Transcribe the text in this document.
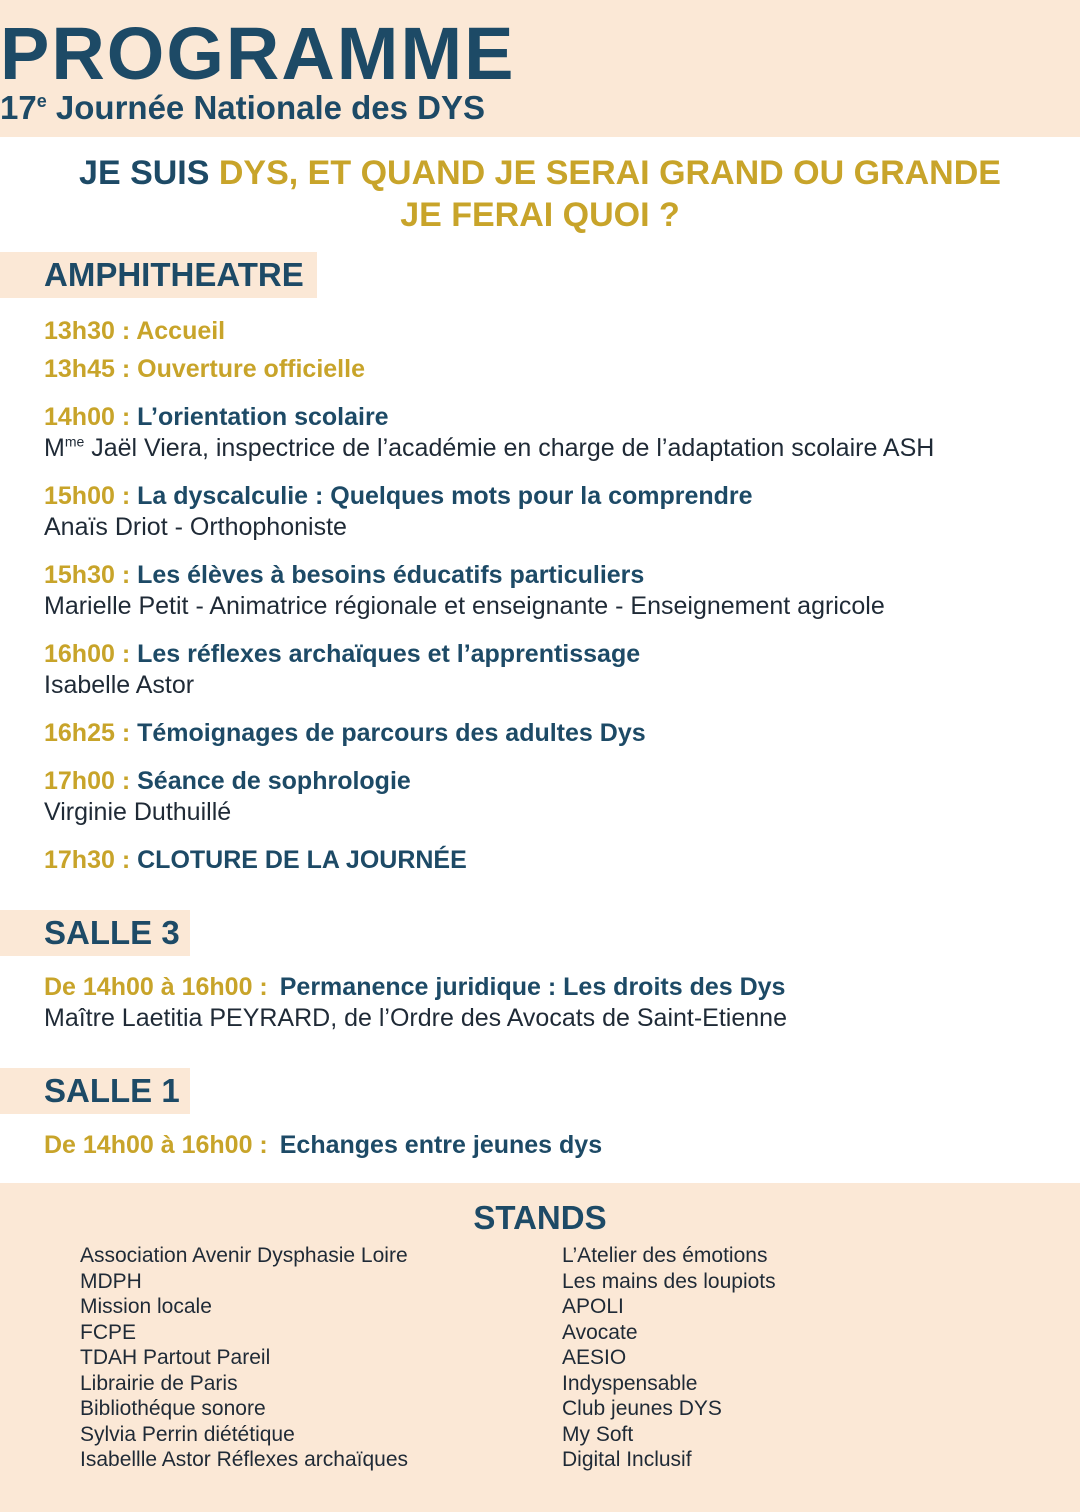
PROGRAMME
17e Journée Nationale des DYS
JE SUIS DYS, ET QUAND JE SERAI GRAND OU GRANDE
JE FERAI QUOI ?
AMPHITHEATRE
13h30 : Accueil
13h45 : Ouverture officielle
14h00 : L’orientation scolaire
$M^{me}$ Jaël Viera, inspectrice de l’académie en charge de l’adaptation scolaire ASH
15h00 : La dyscalculie : Quelques mots pour la comprendre
Anaïs Driot - Orthophoniste
15h30 : Les élèves à besoins éducatifs particuliers
Marielle Petit - Animatrice régionale et enseignante - Enseignement agricole
16h00 : Les réflexes archaïques et l’apprentissage
Isabelle Astor
16h25 : Témoignages de parcours des adultes Dys
17h00 : Séance de sophrologie
Virginie Duthuillé
17h30 : CLOTURE DE LA JOURNÉE
SALLE 3
De 14h00 à 16h00 : Permanence juridique : Les droits des Dys
Maître Laetitia PEYRARD, de l’Ordre des Avocats de Saint-Etienne
SALLE 1
De 14h00 à 16h00 : Echanges entre jeunes dys
STANDS
Association Avenir Dysphasie Loire
MDPH
Mission locale
FCPE
TDAH Partout Pareil
Librairie de Paris
Bibliothéque sonore
Sylvia Perrin diététique
Isabellle Astor Réflexes archaïques
L’Atelier des émotions
Les mains des loupiots
APOLI
Avocate
AESIO
Indyspensable
Club jeunes DYS
My Soft
Digital Inclusif
